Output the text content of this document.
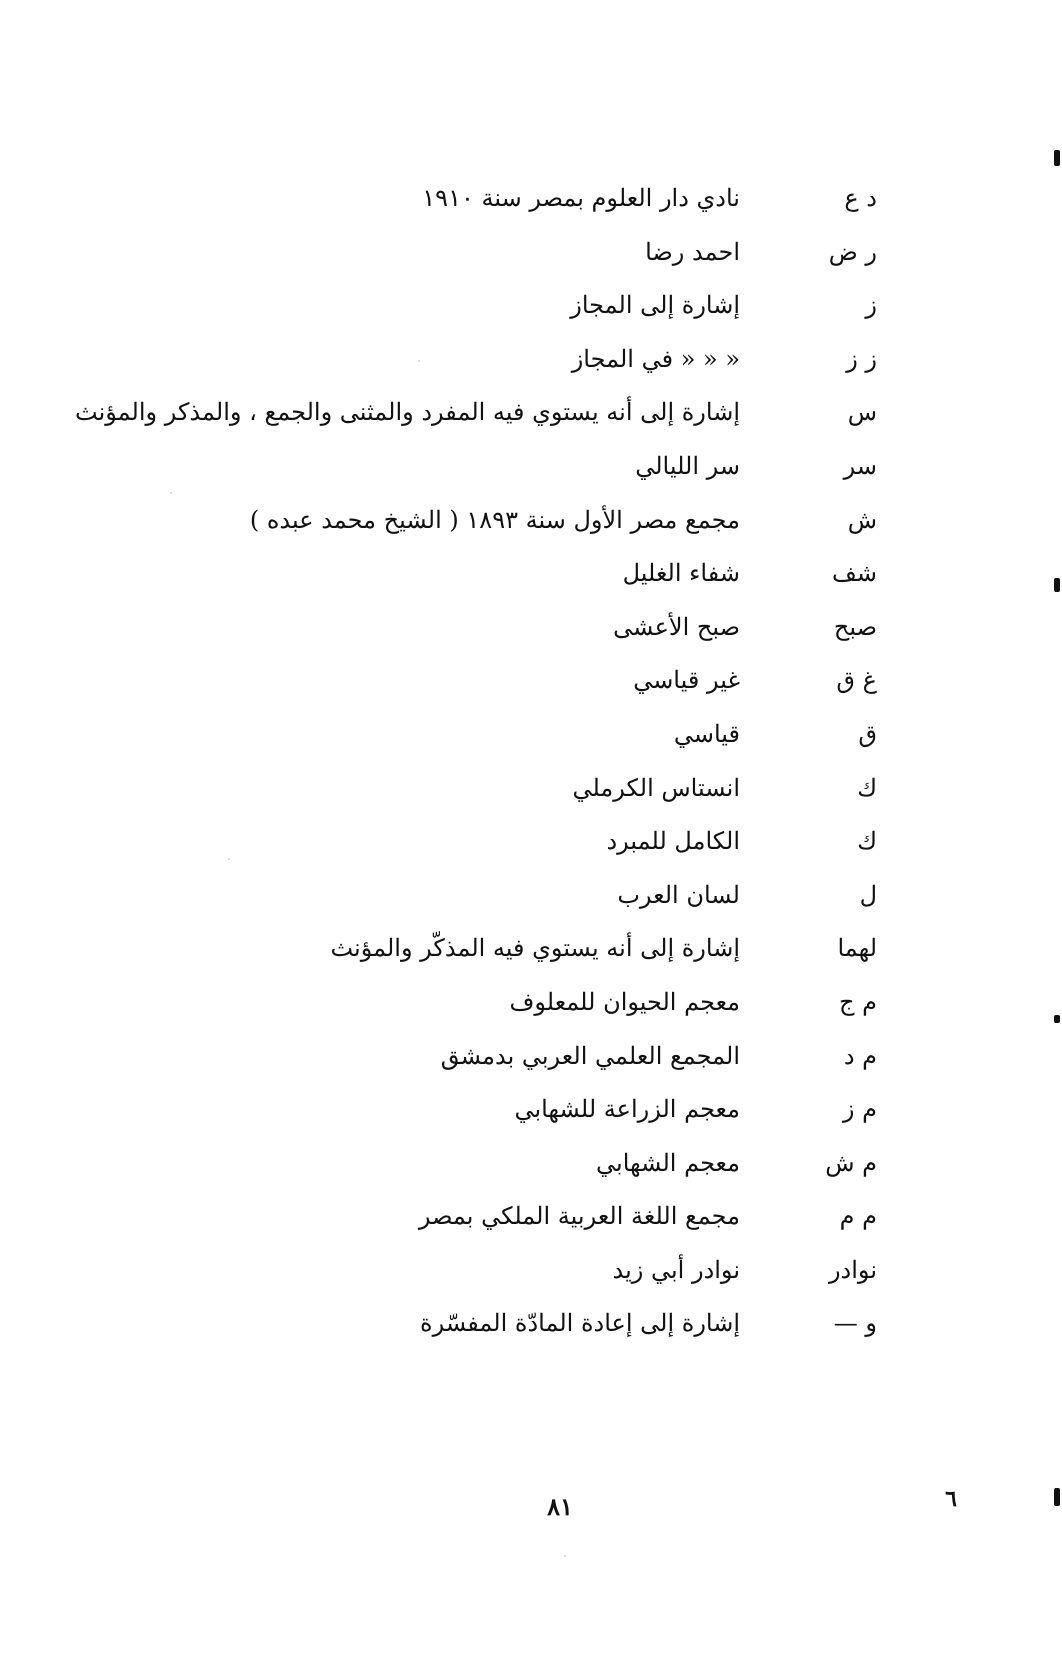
د ع
نادي دار العلوم بمصر سنة ١٩١٠
ر ض
احمد رضا
ز
إشارة إلى المجاز
ز ز
« « « في المجاز
س
إشارة إلى أنه يستوي فيه المفرد والمثنى والجمع ، والمذكر والمؤنث
سر
سر الليالي
ش
مجمع مصر الأول سنة ١٨٩٣ ( الشيخ محمد عبده )
شف
شفاء الغليل
صبح
صبح الأعشى
غ ق
غير قياسي
ق
قياسي
ك
انستاس الكرملي
ك
الكامل للمبرد
ل
لسان العرب
لهما
إشارة إلى أنه يستوي فيه المذكّر والمؤنث
م ج
معجم الحيوان للمعلوف
م د
المجمع العلمي العربي بدمشق
م ز
معجم الزراعة للشهابي
م ش
معجم الشهابي
م م
مجمع اللغة العربية الملكي بمصر
نوادر
نوادر أبي زيد
و —
إشارة إلى إعادة المادّة المفسّرة
٨١	٦
